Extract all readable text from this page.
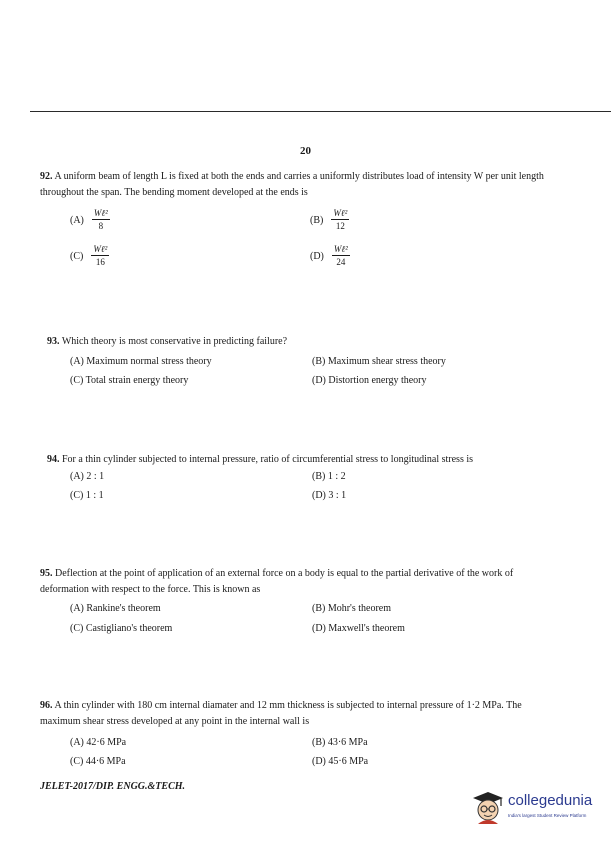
20

92. A uniform beam of length L is fixed at both the ends and carries a uniformly distributes load of intensity W per unit length throughout the span. The bending moment developed at the ends is

$(A) \frac{\text{Wℓ²}}{8}$	$(B) \frac{\text{Wℓ²}}{12}$
$(C) \frac{\text{Wℓ²}}{16}$	$(D) \frac{\text{Wℓ²}}{24}$

93. Which theory is most conservative in predicting failure?

(A) Maximum normal stress theory	(B) Maximum shear stress theory
(C) Total strain energy theory	(D) Distortion energy theory

94. For a thin cylinder subjected to internal pressure, ratio of circumferential stress to longitudinal stress is

(A) 2 : 1	(B) 1 : 2
(C) 1 : 1	(D) 3 : 1

95. Deflection at the point of application of an external force on a body is equal to the partial derivative of the work of deformation with respect to the force. This is known as

(A) Rankine's theorem	(B) Mohr's theorem
(C) Castigliano's theorem	(D) Maxwell's theorem

96. A thin cylinder with 180 cm internal diamater and 12 mm thickness is subjected to internal pressure of 1·2 MPa. The maximum shear stress developed at any point in the internal wall is

(A) 42·6 MPa	(B) 43·6 MPa
(C) 44·6 MPa	(D) 45·6 MPa
JELET-2017/DIP. ENGG.&TECH.
collegedunia
India's largest Student Review Platform
